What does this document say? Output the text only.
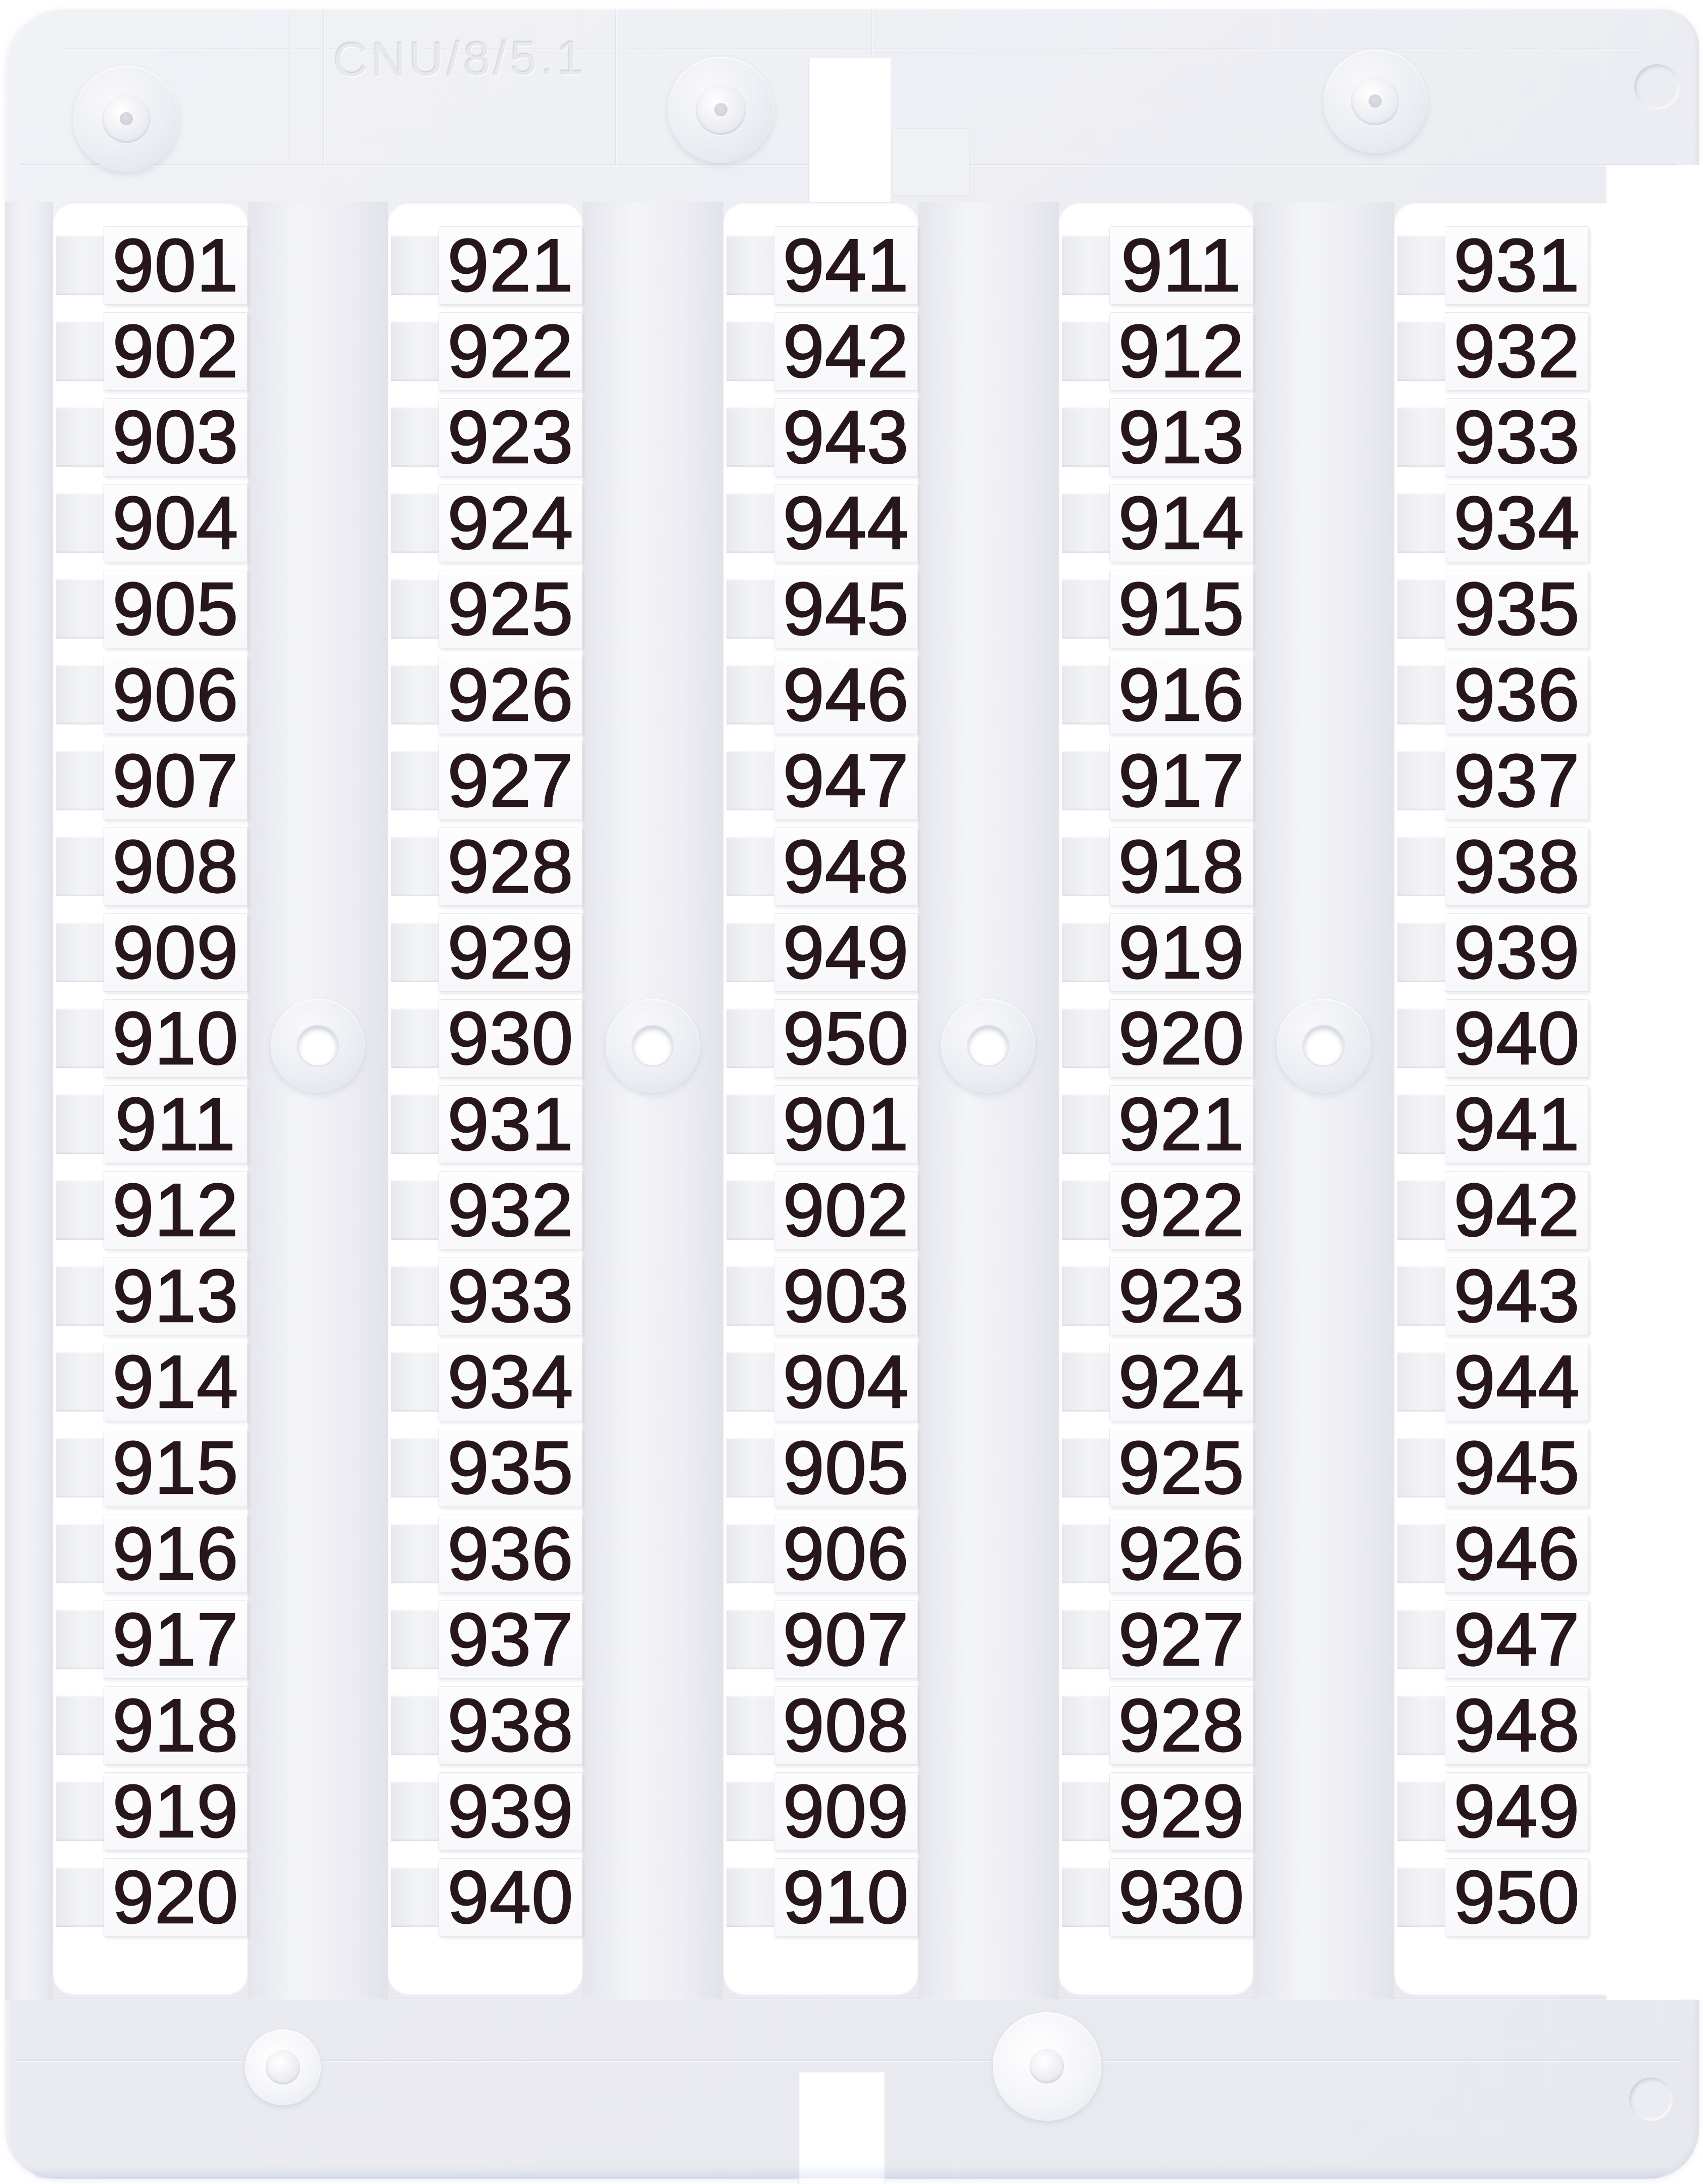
CNU/8/5.1
901
902
903
904
905
906
907
908
909
910
911
912
913
914
915
916
917
918
919
920
921
922
923
924
925
926
927
928
929
930
931
932
933
934
935
936
937
938
939
940
941
942
943
944
945
946
947
948
949
950
901
902
903
904
905
906
907
908
909
910
911
912
913
914
915
916
917
918
919
920
921
922
923
924
925
926
927
928
929
930
931
932
933
934
935
936
937
938
939
940
941
942
943
944
945
946
947
948
949
950
